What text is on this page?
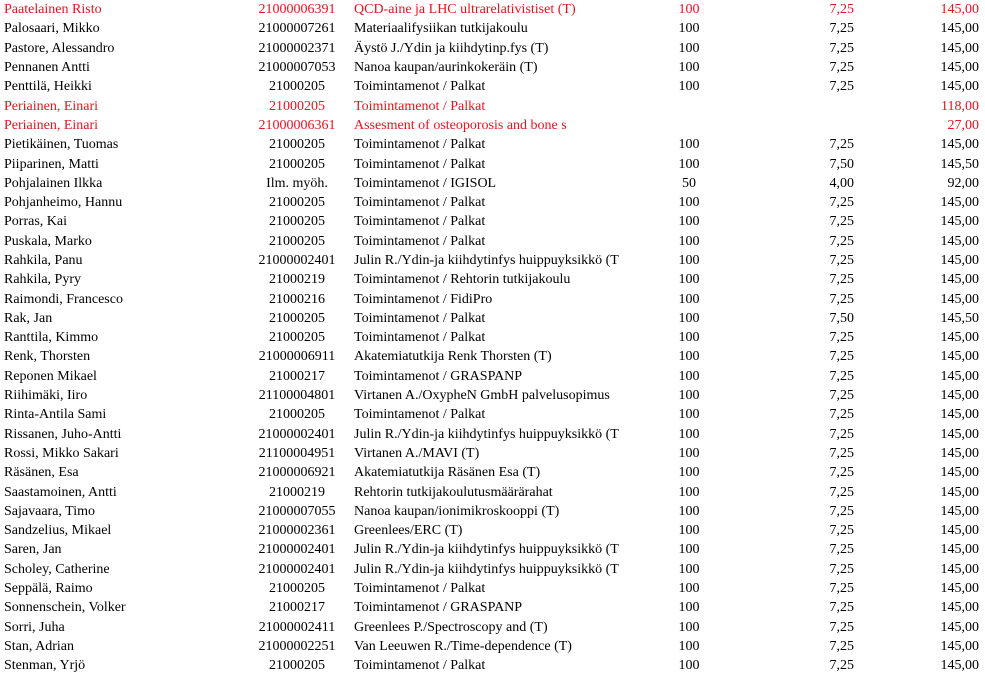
Paatelainen Risto	21000006391	QCD-aine ja LHC ultrarelativistiset (T)	100	7,25	145,00
Palosaari, Mikko	21000007261	Materiaalifysiikan tutkijakoulu	100	7,25	145,00
Pastore, Alessandro	21000002371	Äystö J./Ydin ja kiihdytinp.fys (T)	100	7,25	145,00
Pennanen Antti	21000007053	Nanoa kaupan/aurinkokeräin (T)	100	7,25	145,00
Penttilä, Heikki	21000205	Toimintamenot / Palkat	100	7,25	145,00
Periainen, Einari	21000205	Toimintamenot / Palkat			118,00
Periainen, Einari	21000006361	Assesment of osteoporosis and bone s			27,00
Pietikäinen, Tuomas	21000205	Toimintamenot / Palkat	100	7,25	145,00
Piiparinen, Matti	21000205	Toimintamenot / Palkat	100	7,50	145,50
Pohjalainen Ilkka	Ilm. myöh.	Toimintamenot / IGISOL	50	4,00	92,00
Pohjanheimo, Hannu	21000205	Toimintamenot / Palkat	100	7,25	145,00
Porras, Kai	21000205	Toimintamenot / Palkat	100	7,25	145,00
Puskala, Marko	21000205	Toimintamenot / Palkat	100	7,25	145,00
Rahkila, Panu	21000002401	Julin R./Ydin-ja kiihdytinfys huippuyksikkö (T	100	7,25	145,00
Rahkila, Pyry	21000219	Toimintamenot / Rehtorin tutkijakoulu	100	7,25	145,00
Raimondi, Francesco	21000216	Toimintamenot / FidiPro	100	7,25	145,00
Rak, Jan	21000205	Toimintamenot / Palkat	100	7,50	145,50
Ranttila, Kimmo	21000205	Toimintamenot / Palkat	100	7,25	145,00
Renk, Thorsten	21000006911	Akatemiatutkija Renk Thorsten (T)	100	7,25	145,00
Reponen Mikael	21000217	Toimintamenot / GRASPANP	100	7,25	145,00
Riihimäki, Iiro	21100004801	Virtanen A./OxypheN GmbH palvelusopimus	100	7,25	145,00
Rinta-Antila Sami	21000205	Toimintamenot / Palkat	100	7,25	145,00
Rissanen, Juho-Antti	21000002401	Julin R./Ydin-ja kiihdytinfys huippuyksikkö (T	100	7,25	145,00
Rossi, Mikko Sakari	21100004951	Virtanen A./MAVI (T)	100	7,25	145,00
Räsänen, Esa	21000006921	Akatemiatutkija Räsänen Esa (T)	100	7,25	145,00
Saastamoinen, Antti	21000219	Rehtorin tutkijakoulutusmäärärahat	100	7,25	145,00
Sajavaara, Timo	21000007055	Nanoa kaupan/ionimikroskooppi (T)	100	7,25	145,00
Sandzelius, Mikael	21000002361	Greenlees/ERC (T)	100	7,25	145,00
Saren, Jan	21000002401	Julin R./Ydin-ja kiihdytinfys huippuyksikkö (T	100	7,25	145,00
Scholey, Catherine	21000002401	Julin R./Ydin-ja kiihdytinfys huippuyksikkö (T	100	7,25	145,00
Seppälä, Raimo	21000205	Toimintamenot / Palkat	100	7,25	145,00
Sonnenschein, Volker	21000217	Toimintamenot / GRASPANP	100	7,25	145,00
Sorri, Juha	21000002411	Greenlees P./Spectroscopy and (T)	100	7,25	145,00
Stan, Adrian	21000002251	Van Leeuwen R./Time-dependence (T)	100	7,25	145,00
Stenman, Yrjö	21000205	Toimintamenot / Palkat	100	7,25	145,00
